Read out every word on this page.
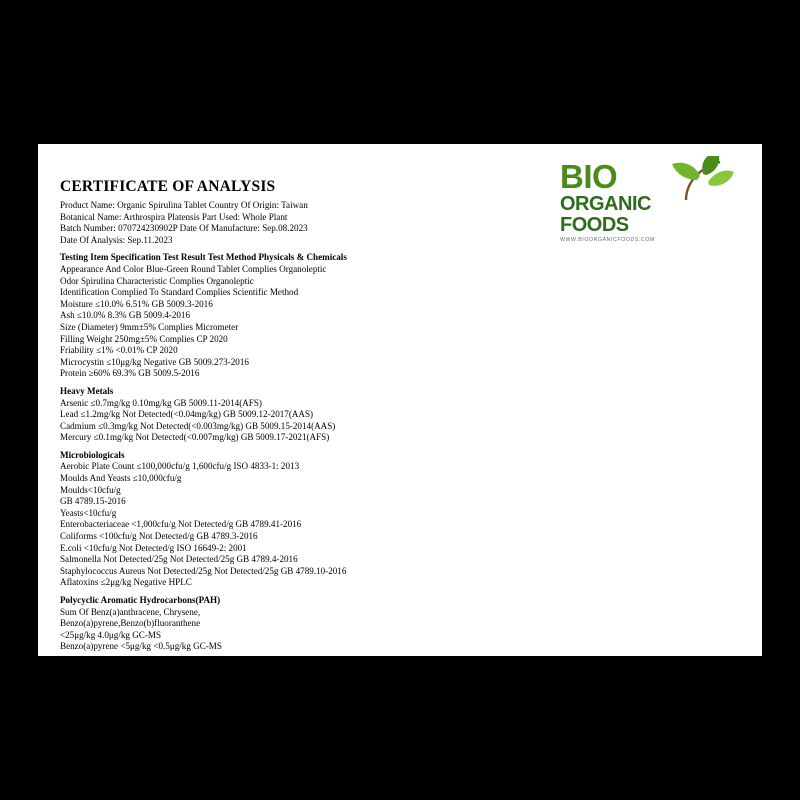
BIO
ORGANIC
FOODS
WWW.BIOORGANICFOODS.COM
CERTIFICATE OF ANALYSIS
Product Name: Organic Spirulina Tablet Country Of Origin: Taiwan
Botanical Name: Arthrospira Platensis Part Used: Whole Plant
Batch Number: 070724230902P Date Of Manufacture: Sep.08.2023
Date Of Analysis: Sep.11.2023
Testing Item Specification Test Result Test Method Physicals & Chemicals
Appearance And Color Blue-Green Round Tablet Complies Organoleptic
Odor Spirulina Characteristic Complies Organoleptic
Identification Complied To Standard Complies Scientific Method
Moisture ≤10.0% 6.51% GB 5009.3-2016
Ash ≤10.0% 8.3% GB 5009.4-2016
Size (Diameter) 9mm±5% Complies Micrometer
Filling Weight 250mg±5% Complies CP 2020
Friability ≤1% <0.01% CP 2020
Microcystin ≤10μg/kg Negative GB 5009.273-2016
Protein ≥60% 69.3% GB 5009.5-2016
Heavy Metals
Arsenic ≤0.7mg/kg 0.10mg/kg GB 5009.11-2014(AFS)
Lead ≤1.2mg/kg Not Detected(<0.04mg/kg) GB 5009.12-2017(AAS)
Cadmium ≤0.3mg/kg Not Detected(<0.003mg/kg) GB 5009.15-2014(AAS)
Mercury ≤0.1mg/kg Not Detected(<0.007mg/kg) GB 5009.17-2021(AFS)
Microbiologicals
Aerobic Plate Count ≤100,000cfu/g 1,600cfu/g ISO 4833-1: 2013
Moulds And Yeasts ≤10,000cfu/g
Moulds<10cfu/g
GB 4789.15-2016
Yeasts<10cfu/g
Enterobacteriaceae <1,000cfu/g Not Detected/g GB 4789.41-2016
Coliforms <100cfu/g Not Detected/g GB 4789.3-2016
E.coli <10cfu/g Not Detected/g ISO 16649-2: 2001
Salmonella Not Detected/25g Not Detected/25g GB 4789.4-2016
Staphylococcus Aureus Not Detected/25g Not Detected/25g GB 4789.10-2016
Aflatoxins ≤2μg/kg Negative HPLC
Polycyclic Aromatic Hydrocarbons(PAH)
Sum Of Benz(a)anthracene, Chrysene,
Benzo(a)pyrene,Benzo(b)fluoranthene
<25μg/kg 4.0μg/kg GC-MS
Benzo(a)pyrene <5μg/kg <0.5μg/kg GC-MS
